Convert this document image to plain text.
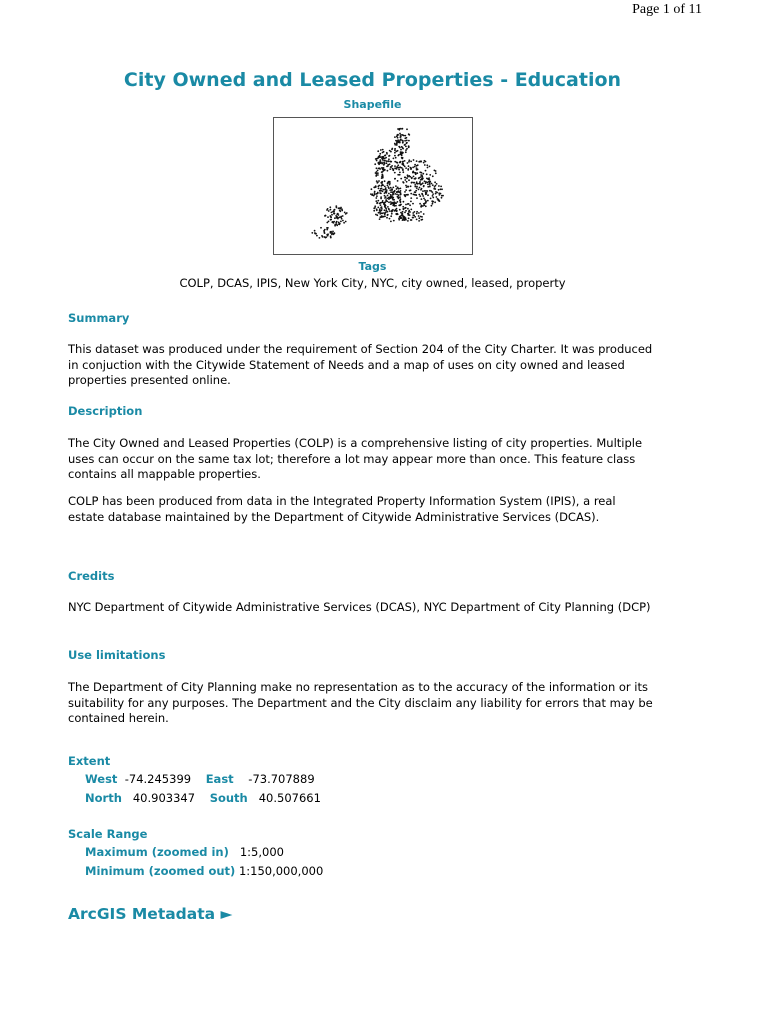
Page 1 of 11
City Owned and Leased Properties - Education
Shapefile
Tags
COLP, DCAS, IPIS, New York City, NYC, city owned, leased, property
Summary
This dataset was produced under the requirement of Section 204 of the City Charter. It was produced in conjuction with the Citywide Statement of Needs and a map of uses on city owned and leased properties presented online.
Description
The City Owned and Leased Properties (COLP) is a comprehensive listing of city properties. Multiple uses can occur on the same tax lot; therefore a lot may appear more than once. This feature class contains all mappable properties.
COLP has been produced from data in the Integrated Property Information System (IPIS), a real estate database maintained by the Department of Citywide Administrative Services (DCAS).
Credits
NYC Department of Citywide Administrative Services (DCAS), NYC Department of City Planning (DCP)
Use limitations
The Department of City Planning make no representation as to the accuracy of the information or its suitability for any purposes. The Department and the City disclaim any liability for errors that may be contained herein.
Extent
West -74.245399 East -73.707889
North 40.903347 South 40.507661
Scale Range
Maximum (zoomed in) 1:5,000
Minimum (zoomed out) 1:150,000,000
ArcGIS Metadata ►
